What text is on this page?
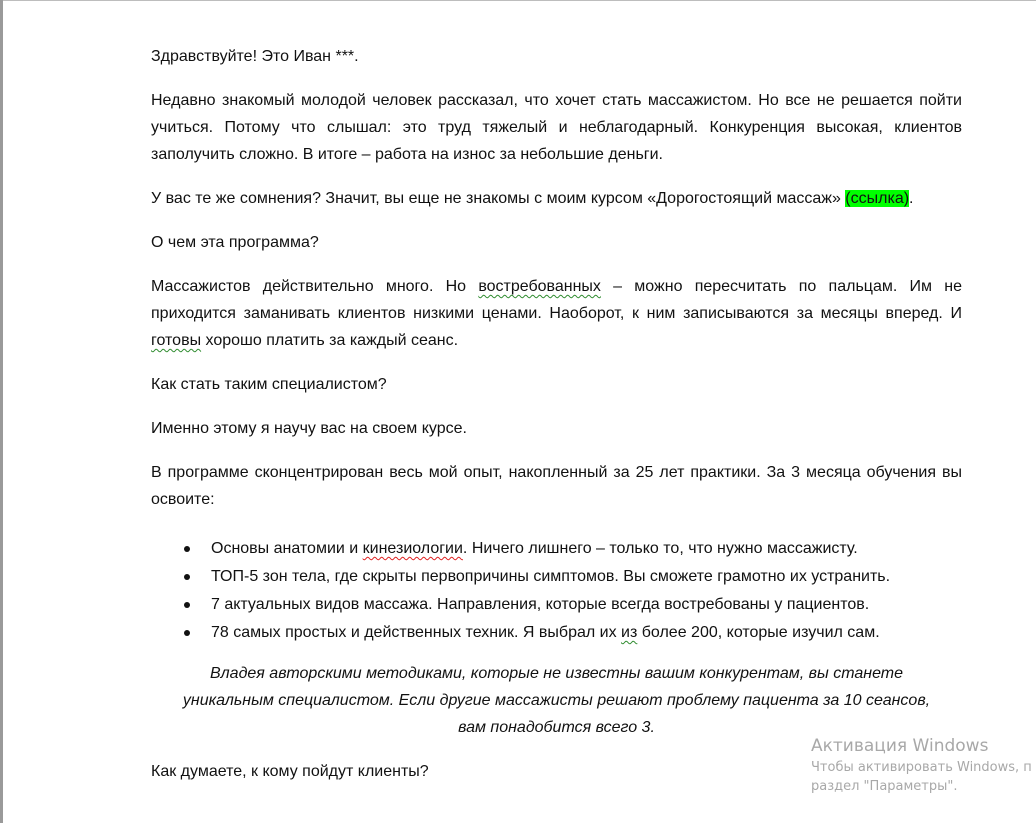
Здравствуйте! Это Иван ***.

Недавно знакомый молодой человек рассказал, что хочет стать массажистом. Но все не решается пойти учиться. Потому что слышал: это труд тяжелый и неблагодарный. Конкуренция высокая, клиентов заполучить сложно. В итоге – работа на износ за небольшие деньги.

У вас те же сомнения? Значит, вы еще не знакомы с моим курсом «Дорогостоящий массаж» (ссылка).

О чем эта программа?

Массажистов действительно много. Но востребованных – можно пересчитать по пальцам. Им не приходится заманивать клиентов низкими ценами. Наоборот, к ним записываются за месяцы вперед. И готовы хорошо платить за каждый сеанс.

Как стать таким специалистом?

Именно этому я научу вас на своем курсе.

В программе сконцентрирован весь мой опыт, накопленный за 25 лет практики. За 3 месяца обучения вы освоите:

Основы анатомии и кинезиологии. Ничего лишнего – только то, что нужно массажисту.
ТОП-5 зон тела, где скрыты первопричины симптомов. Вы сможете грамотно их устранить.
7 актуальных видов массажа. Направления, которые всегда востребованы у пациентов.
78 самых простых и действенных техник. Я выбрал их из более 200, которые изучил сам.

Владея авторскими методиками, которые не известны вашим конкурентам, вы станете уникальным специалистом. Если другие массажисты решают проблему пациента за 10 сеансов, вам понадобится всего 3.

Как думаете, к кому пойдут клиенты?

Активация Windows
Чтобы активировать Windows, п
раздел "Параметры".
